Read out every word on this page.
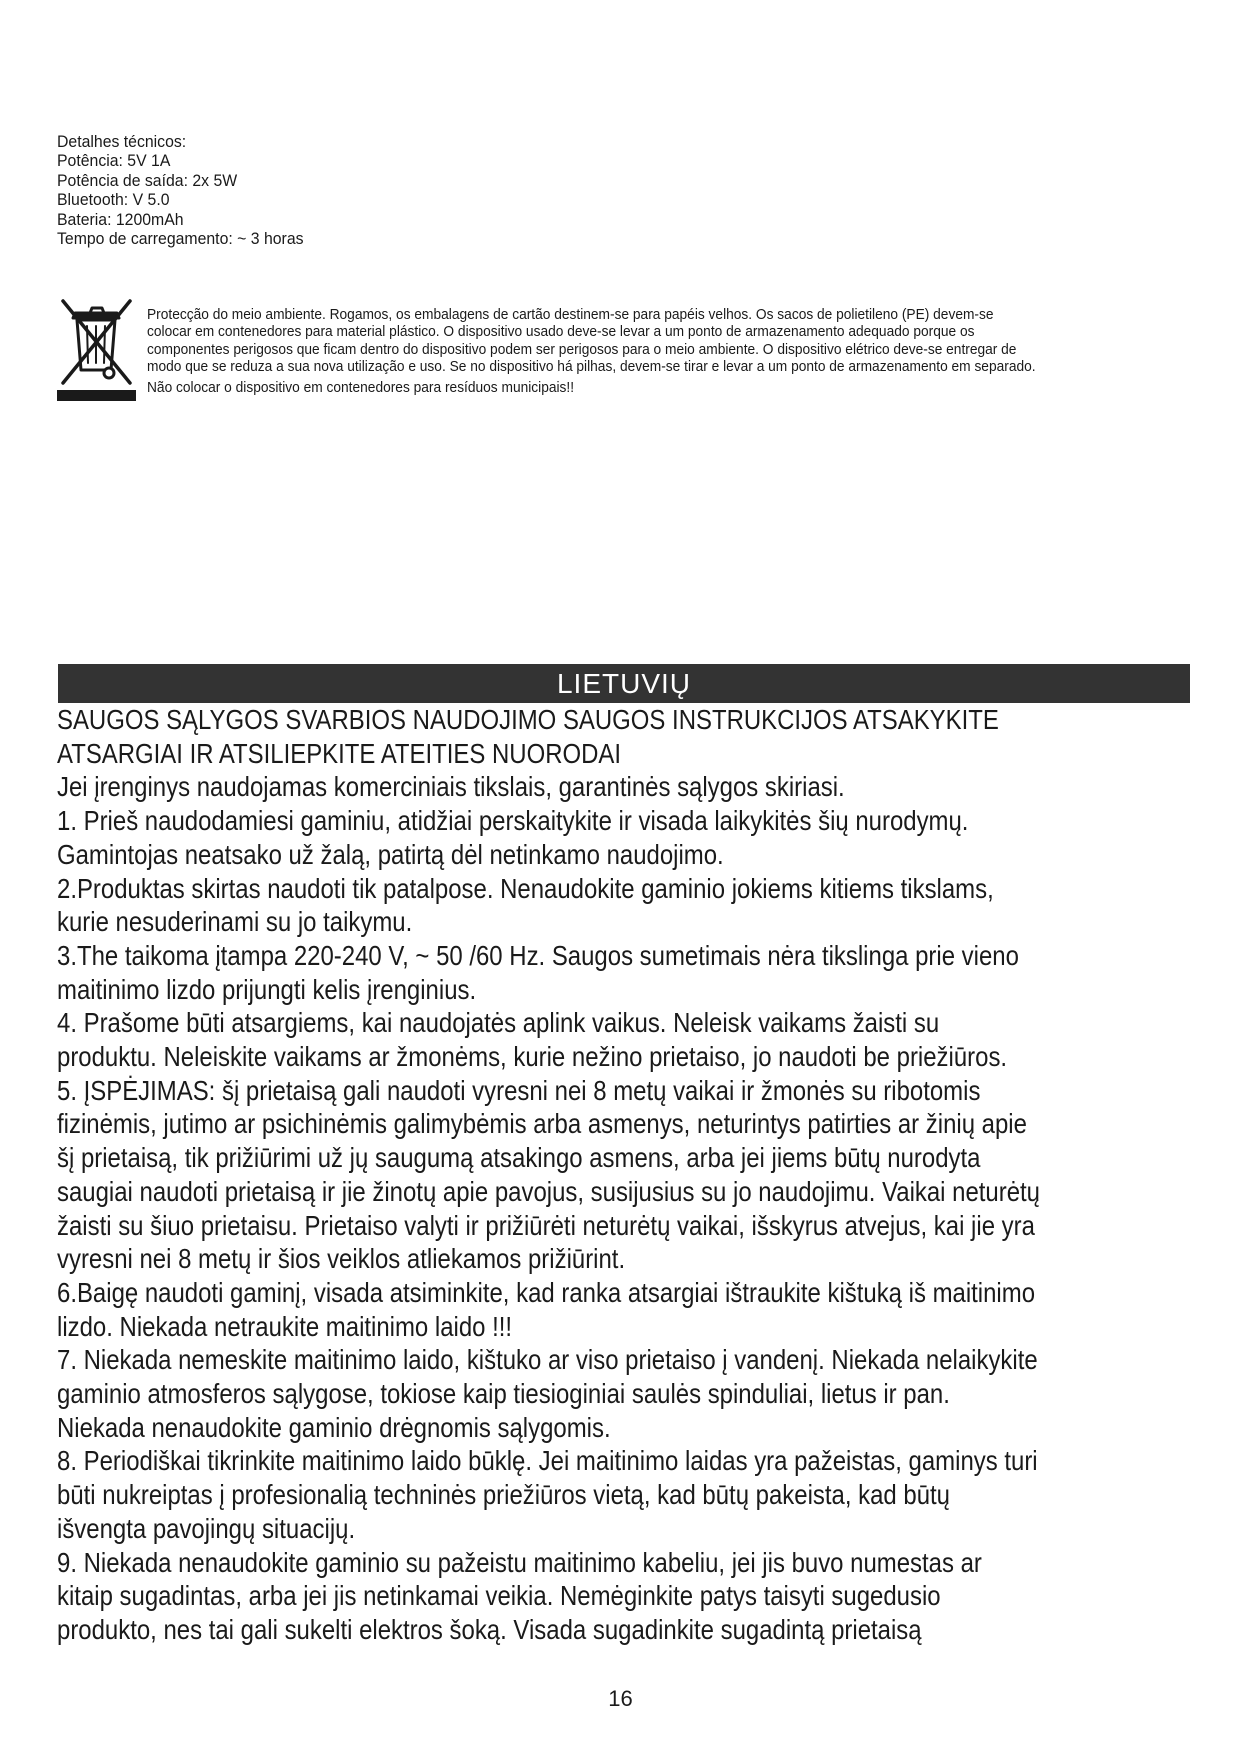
Detalhes técnicos:
Potência: 5V 1A
Potência de saída: 2x 5W
Bluetooth: V 5.0
Bateria: 1200mAh
Tempo de carregamento: ~ 3 horas

Protecção do meio ambiente. Rogamos, os embalagens de cartão destinem-se para papéis velhos. Os sacos de polietileno (PE) devem-se

colocar em contenedores para material plástico. O dispositivo usado deve-se levar a um ponto de armazenamento adequado porque os

componentes perigosos que ficam dentro do dispositivo podem ser perigosos para o meio ambiente. O dispositivo elétrico deve-se entregar de

modo que se reduza a sua nova utilização e uso. Se no dispositivo há pilhas, devem-se tirar e levar a um ponto de armazenamento em separado.

Não colocar o dispositivo em contenedores para resíduos municipais!!

LIETUVIŲ

SAUGOS SĄLYGOS SVARBIOS NAUDOJIMO SAUGOS INSTRUKCIJOS ATSAKYKITE

ATSARGIAI IR ATSILIEPKITE ATEITIES NUORODAI

Jei įrenginys naudojamas komerciniais tikslais, garantinės sąlygos skiriasi.

1. Prieš naudodamiesi gaminiu, atidžiai perskaitykite ir visada laikykitės šių nurodymų.

Gamintojas neatsako už žalą, patirtą dėl netinkamo naudojimo.

2.Produktas skirtas naudoti tik patalpose. Nenaudokite gaminio jokiems kitiems tikslams,

kurie nesuderinami su jo taikymu.

3.The taikoma įtampa 220-240 V, ~ 50 /60 Hz. Saugos sumetimais nėra tikslinga prie vieno

maitinimo lizdo prijungti kelis įrenginius.

4. Prašome būti atsargiems, kai naudojatės aplink vaikus. Neleisk vaikams žaisti su

produktu. Neleiskite vaikams ar žmonėms, kurie nežino prietaiso, jo naudoti be priežiūros.

5. ĮSPĖJIMAS: šį prietaisą gali naudoti vyresni nei 8 metų vaikai ir žmonės su ribotomis

fizinėmis, jutimo ar psichinėmis galimybėmis arba asmenys, neturintys patirties ar žinių apie

šį prietaisą, tik prižiūrimi už jų saugumą atsakingo asmens, arba jei jiems būtų nurodyta

saugiai naudoti prietaisą ir jie žinotų apie pavojus, susijusius su jo naudojimu. Vaikai neturėtų

žaisti su šiuo prietaisu. Prietaiso valyti ir prižiūrėti neturėtų vaikai, išskyrus atvejus, kai jie yra

vyresni nei 8 metų ir šios veiklos atliekamos prižiūrint.

6.Baigę naudoti gaminį, visada atsiminkite, kad ranka atsargiai ištraukite kištuką iš maitinimo

lizdo. Niekada netraukite maitinimo laido !!!

7. Niekada nemeskite maitinimo laido, kištuko ar viso prietaiso į vandenį. Niekada nelaikykite

gaminio atmosferos sąlygose, tokiose kaip tiesioginiai saulės spinduliai, lietus ir pan.

Niekada nenaudokite gaminio drėgnomis sąlygomis.

8. Periodiškai tikrinkite maitinimo laido būklę. Jei maitinimo laidas yra pažeistas, gaminys turi

būti nukreiptas į profesionalią techninės priežiūros vietą, kad būtų pakeista, kad būtų

išvengta pavojingų situacijų.

9. Niekada nenaudokite gaminio su pažeistu maitinimo kabeliu, jei jis buvo numestas ar

kitaip sugadintas, arba jei jis netinkamai veikia. Nemėginkite patys taisyti sugedusio

produkto, nes tai gali sukelti elektros šoką. Visada sugadinkite sugadintą prietaisą

16
